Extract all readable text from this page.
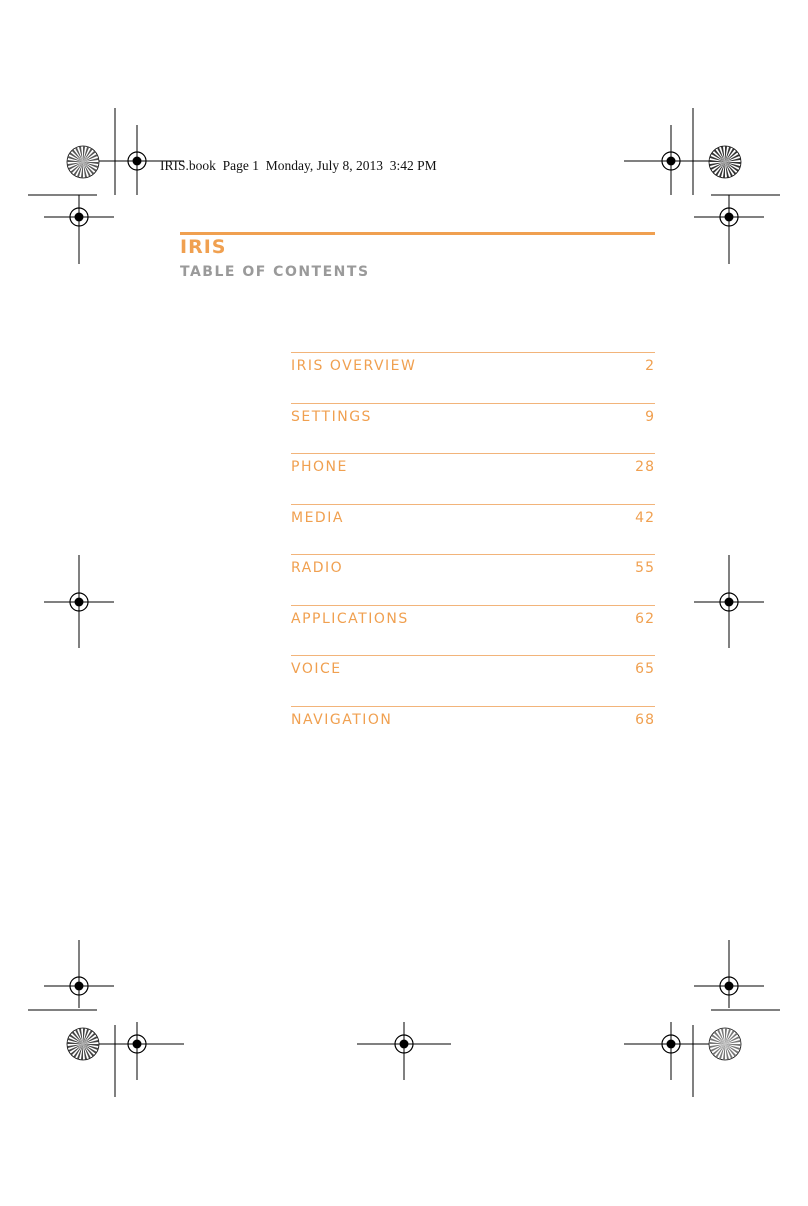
IRIS.book  Page 1  Monday, July 8, 2013  3:42 PM
IRIS
TABLE OF CONTENTS
IRIS OVERVIEW	2
SETTINGS	9
PHONE	28
MEDIA	42
RADIO	55
APPLICATIONS	62
VOICE	65
NAVIGATION	68
